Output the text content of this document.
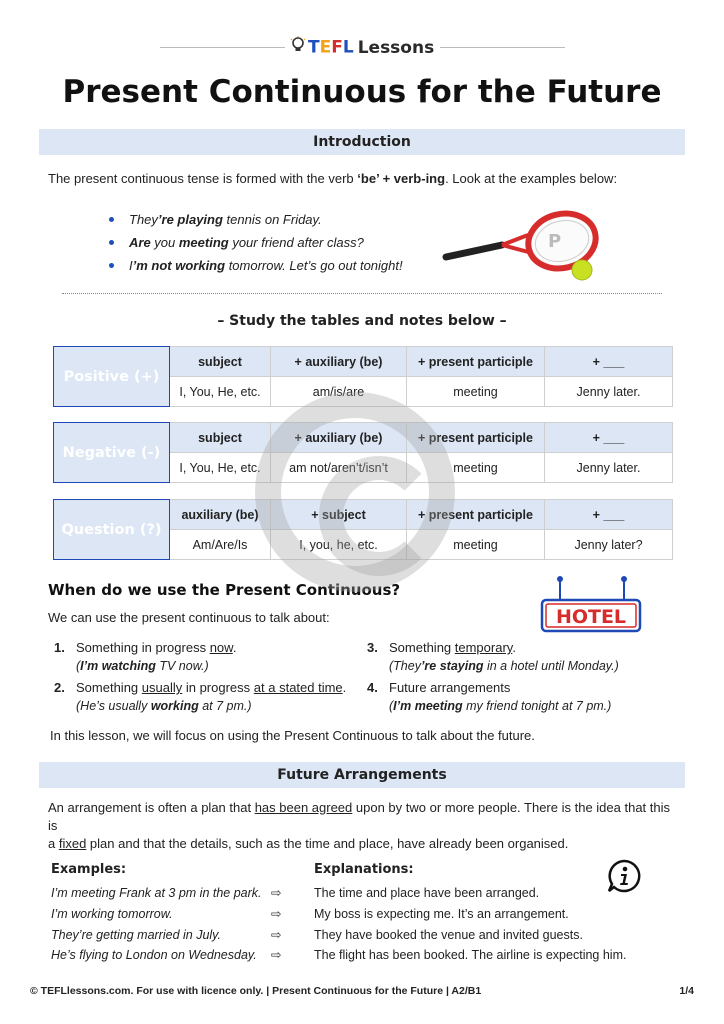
TEFL Lessons
Present Continuous for the Future
Introduction
The present continuous tense is formed with the verb ‘be’ + verb-ing. Look at the examples below:
They’re playing tennis on Friday.
Are you meeting your friend after class?
I’m not working tomorrow. Let’s go out tonight!
P
– Study the tables and notes below –
Positive (+)	subject	+ auxiliary (be)	+ present participle	+ ___
	I, You, He, etc.	am/is/are	meeting	Jenny later.
Negative (-)	subject	+ auxiliary (be)	+ present participle	+ ___
	I, You, He, etc.	am not/aren’t/isn’t	meeting	Jenny later.
Question (?)	auxiliary (be)	+ subject	+ present participle	+ ___
	Am/Are/Is	I, you, he, etc.	meeting	Jenny later?
When do we use the Present Continuous?
We can use the present continuous to talk about:	HOTEL
1. Something in progress now.
(I’m watching TV now.)
2. Something usually in progress at a stated time.
(He’s usually working at 7 pm.)
3. Something temporary.
(They’re staying in a hotel until Monday.)
4. Future arrangements
(I’m meeting my friend tonight at 7 pm.)
In this lesson, we will focus on using the Present Continuous to talk about the future.
Future Arrangements
An arrangement is often a plan that has been agreed upon by two or more people. There is the idea that this is
a fixed plan and that the details, such as the time and place, have already been organised.
Examples:	Explanations:
I’m meeting Frank at 3 pm in the park. ⇨	The time and place have been arranged.
I’m working tomorrow.	⇨	My boss is expecting me. It’s an arrangement.
They’re getting married in July.	⇨	They have booked the venue and invited guests.
He’s flying to London on Wednesday. ⇨	The flight has been booked. The airline is expecting him.
© TEFLlessons.com. For use with licence only. | Present Continuous for the Future | A2/B1	1/4
